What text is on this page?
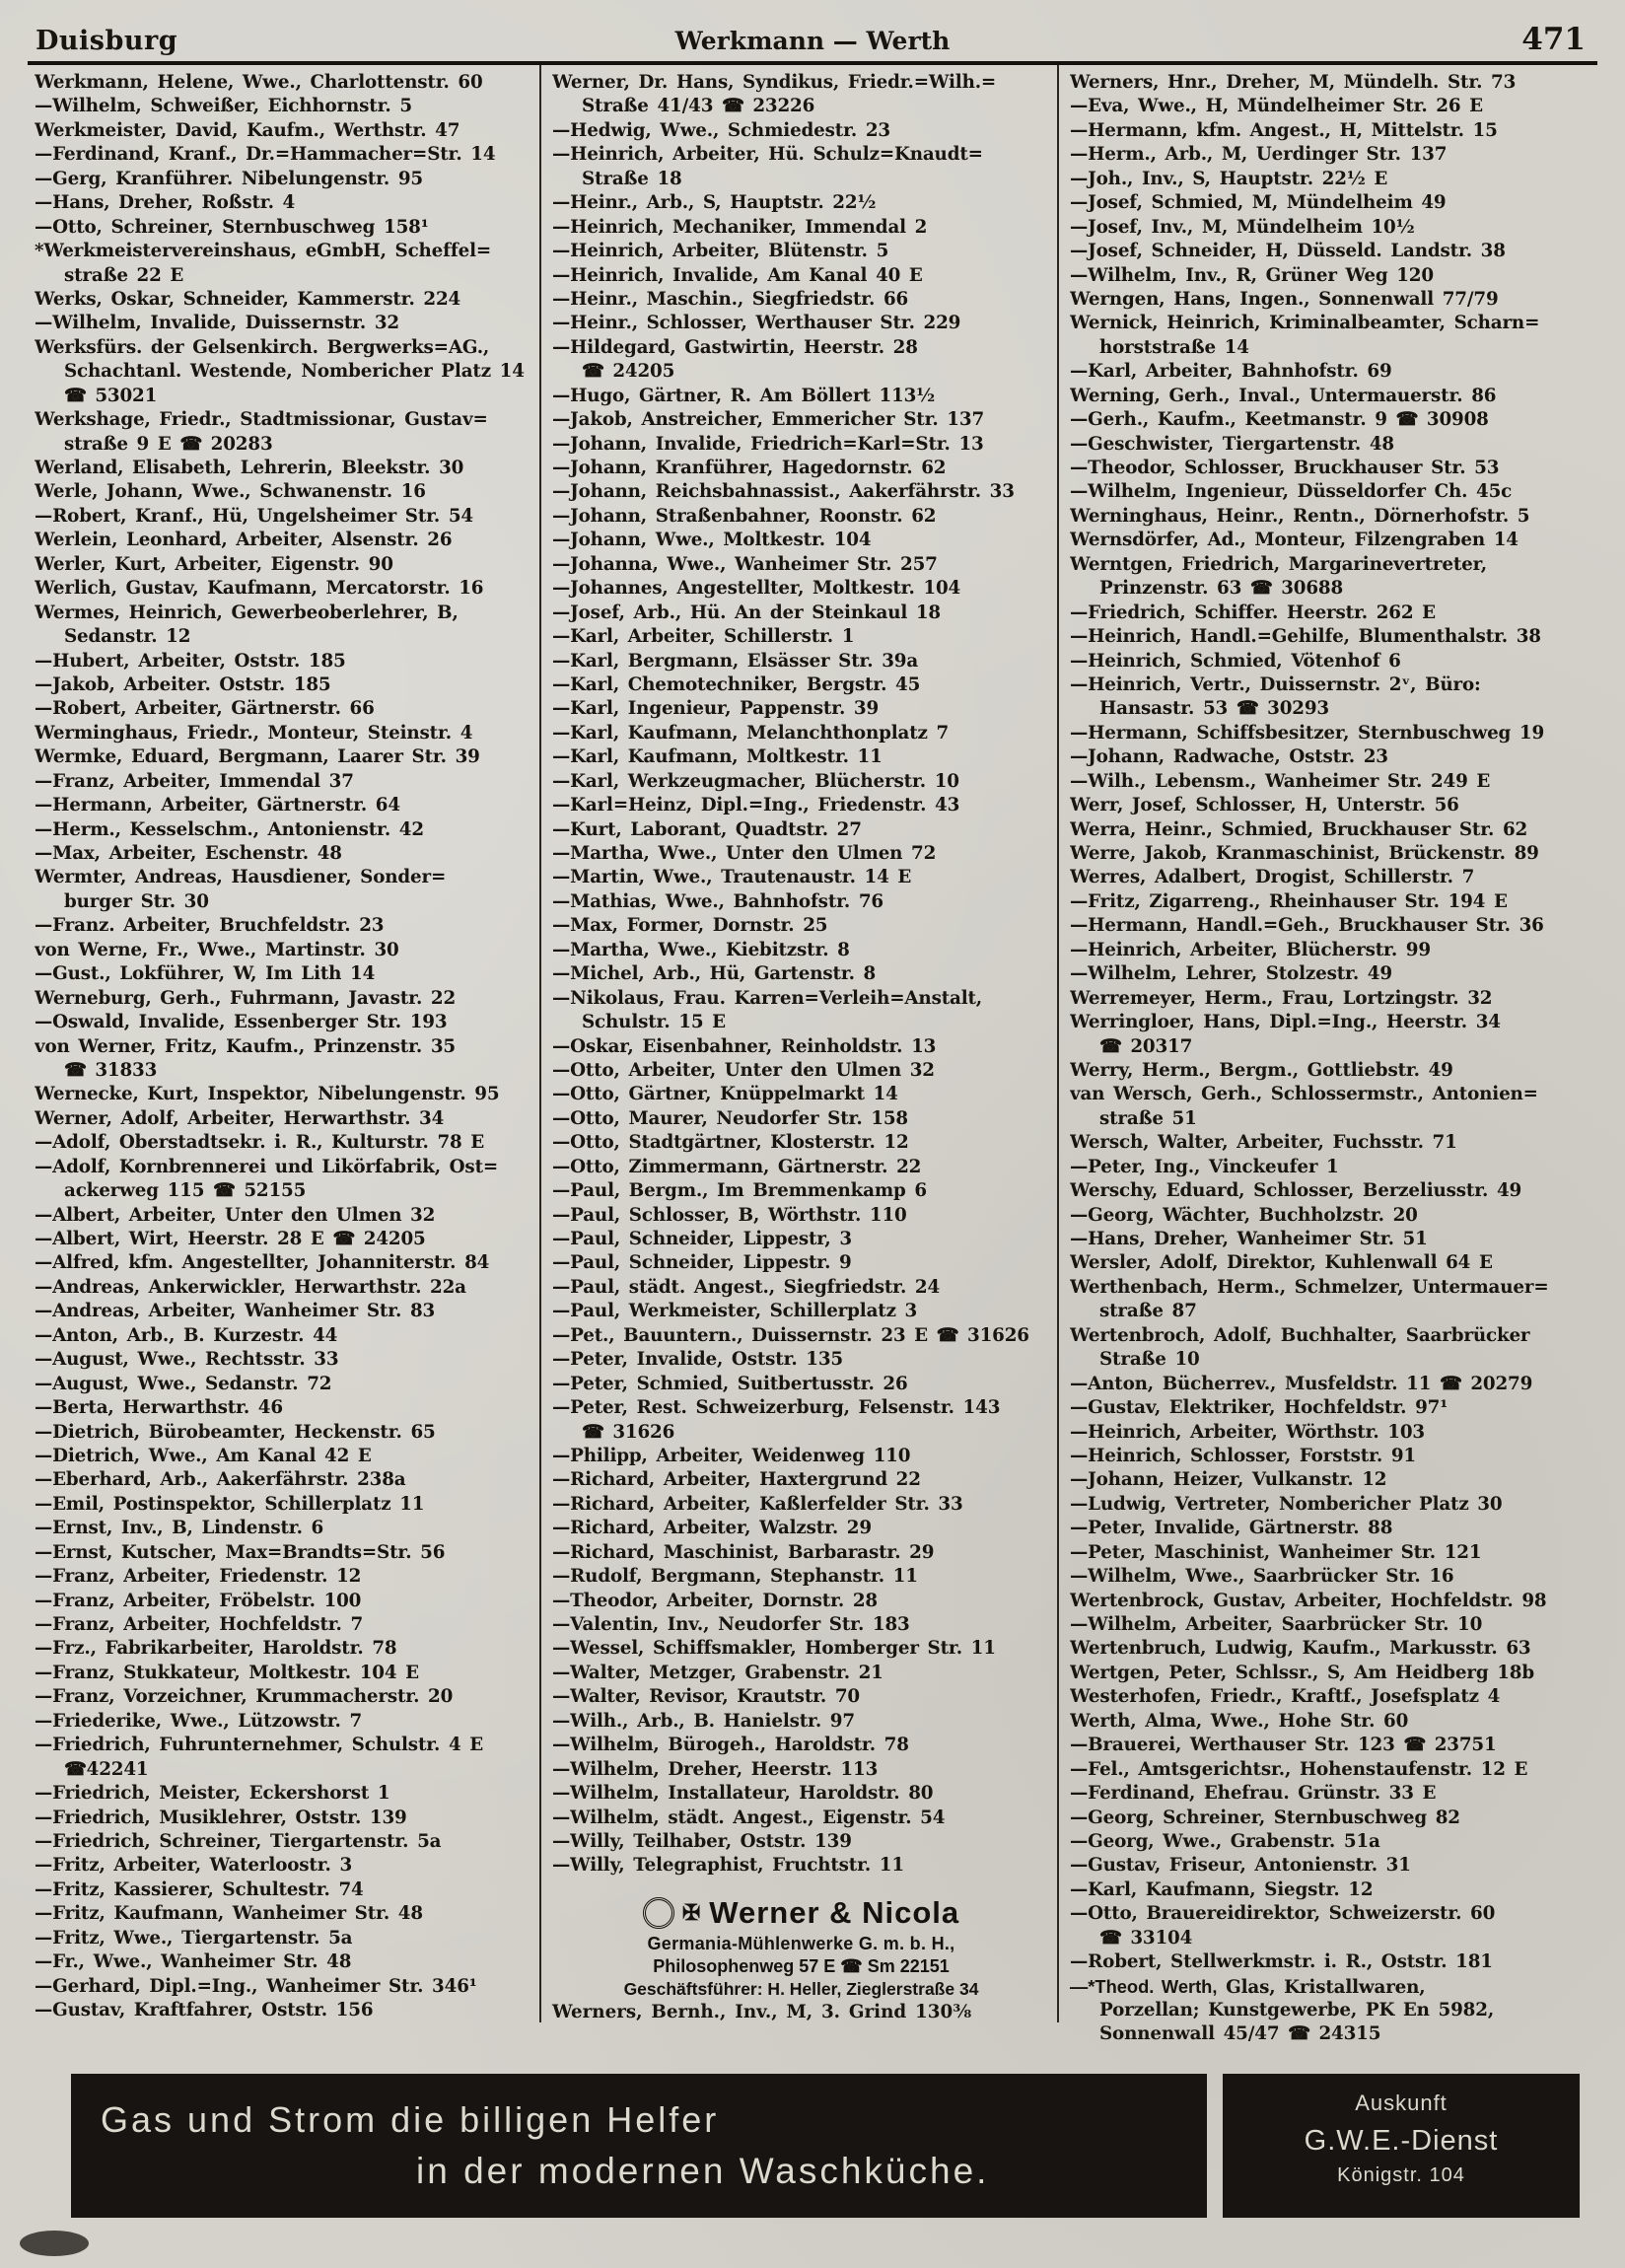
Duisburg	Werkmann — Werth	471
Werkmann, Helene, Wwe., Charlottenstr. 60
—Wilhelm, Schweißer, Eichhornstr. 5
Werkmeister, David, Kaufm., Werthstr. 47
—Ferdinand, Kranf., Dr.=Hammacher=Str. 14
—Gerg, Kranführer. Nibelungenstr. 95
—Hans, Dreher, Roßstr. 4
—Otto, Schreiner, Sternbuschweg 158¹
*Werkmeistervereinshaus, eGmbH, Scheffel=
straße 22 E
Werks, Oskar, Schneider, Kammerstr. 224
—Wilhelm, Invalide, Duissernstr. 32
Werksfürs. der Gelsenkirch. Bergwerks=AG.,
Schachtanl. Westende, Nombericher Platz 14
☎ 53021
Werkshage, Friedr., Stadtmissionar, Gustav=
straße 9 E ☎ 20283
Werland, Elisabeth, Lehrerin, Bleekstr. 30
Werle, Johann, Wwe., Schwanenstr. 16
—Robert, Kranf., Hü, Ungelsheimer Str. 54
Werlein, Leonhard, Arbeiter, Alsenstr. 26
Werler, Kurt, Arbeiter, Eigenstr. 90
Werlich, Gustav, Kaufmann, Mercatorstr. 16
Wermes, Heinrich, Gewerbeoberlehrer, B,
Sedanstr. 12
—Hubert, Arbeiter, Oststr. 185
—Jakob, Arbeiter. Oststr. 185
—Robert, Arbeiter, Gärtnerstr. 66
Werminghaus, Friedr., Monteur, Steinstr. 4
Wermke, Eduard, Bergmann, Laarer Str. 39
—Franz, Arbeiter, Immendal 37
—Hermann, Arbeiter, Gärtnerstr. 64
—Herm., Kesselschm., Antonienstr. 42
—Max, Arbeiter, Eschenstr. 48
Wermter, Andreas, Hausdiener, Sonder=
burger Str. 30
—Franz. Arbeiter, Bruchfeldstr. 23
von Werne, Fr., Wwe., Martinstr. 30
—Gust., Lokführer, W, Im Lith 14
Werneburg, Gerh., Fuhrmann, Javastr. 22
—Oswald, Invalide, Essenberger Str. 193
von Werner, Fritz, Kaufm., Prinzenstr. 35
☎ 31833
Wernecke, Kurt, Inspektor, Nibelungenstr. 95
Werner, Adolf, Arbeiter, Herwarthstr. 34
—Adolf, Oberstadtsekr. i. R., Kulturstr. 78 E
—Adolf, Kornbrennerei und Likörfabrik, Ost=
ackerweg 115 ☎ 52155
—Albert, Arbeiter, Unter den Ulmen 32
—Albert, Wirt, Heerstr. 28 E ☎ 24205
—Alfred, kfm. Angestellter, Johanniterstr. 84
—Andreas, Ankerwickler, Herwarthstr. 22a
—Andreas, Arbeiter, Wanheimer Str. 83
—Anton, Arb., B. Kurzestr. 44
—August, Wwe., Rechtsstr. 33
—August, Wwe., Sedanstr. 72
—Berta, Herwarthstr. 46
—Dietrich, Bürobeamter, Heckenstr. 65
—Dietrich, Wwe., Am Kanal 42 E
—Eberhard, Arb., Aakerfährstr. 238a
—Emil, Postinspektor, Schillerplatz 11
—Ernst, Inv., B, Lindenstr. 6
—Ernst, Kutscher, Max=Brandts=Str. 56
—Franz, Arbeiter, Friedenstr. 12
—Franz, Arbeiter, Fröbelstr. 100
—Franz, Arbeiter, Hochfeldstr. 7
—Frz., Fabrikarbeiter, Haroldstr. 78
—Franz, Stukkateur, Moltkestr. 104 E
—Franz, Vorzeichner, Krummacherstr. 20
—Friederike, Wwe., Lützowstr. 7
—Friedrich, Fuhrunternehmer, Schulstr. 4 E
☎42241
—Friedrich, Meister, Eckershorst 1
—Friedrich, Musiklehrer, Oststr. 139
—Friedrich, Schreiner, Tiergartenstr. 5a
—Fritz, Arbeiter, Waterloostr. 3
—Fritz, Kassierer, Schultestr. 74
—Fritz, Kaufmann, Wanheimer Str. 48
—Fritz, Wwe., Tiergartenstr. 5a
—Fr., Wwe., Wanheimer Str. 48
—Gerhard, Dipl.=Ing., Wanheimer Str. 346¹
—Gustav, Kraftfahrer, Oststr. 156
Werner, Dr. Hans, Syndikus, Friedr.=Wilh.=
Straße 41/43 ☎ 23226
—Hedwig, Wwe., Schmiedestr. 23
—Heinrich, Arbeiter, Hü. Schulz=Knaudt=
Straße 18
—Heinr., Arb., S, Hauptstr. 22½
—Heinrich, Mechaniker, Immendal 2
—Heinrich, Arbeiter, Blütenstr. 5
—Heinrich, Invalide, Am Kanal 40 E
—Heinr., Maschin., Siegfriedstr. 66
—Heinr., Schlosser, Werthauser Str. 229
—Hildegard, Gastwirtin, Heerstr. 28
☎ 24205
—Hugo, Gärtner, R. Am Böllert 113½
—Jakob, Anstreicher, Emmericher Str. 137
—Johann, Invalide, Friedrich=Karl=Str. 13
—Johann, Kranführer, Hagedornstr. 62
—Johann, Reichsbahnassist., Aakerfährstr. 33
—Johann, Straßenbahner, Roonstr. 62
—Johann, Wwe., Moltkestr. 104
—Johanna, Wwe., Wanheimer Str. 257
—Johannes, Angestellter, Moltkestr. 104
—Josef, Arb., Hü. An der Steinkaul 18
—Karl, Arbeiter, Schillerstr. 1
—Karl, Bergmann, Elsässer Str. 39a
—Karl, Chemotechniker, Bergstr. 45
—Karl, Ingenieur, Pappenstr. 39
—Karl, Kaufmann, Melanchthonplatz 7
—Karl, Kaufmann, Moltkestr. 11
—Karl, Werkzeugmacher, Blücherstr. 10
—Karl=Heinz, Dipl.=Ing., Friedenstr. 43
—Kurt, Laborant, Quadtstr. 27
—Martha, Wwe., Unter den Ulmen 72
—Martin, Wwe., Trautenaustr. 14 E
—Mathias, Wwe., Bahnhofstr. 76
—Max, Former, Dornstr. 25
—Martha, Wwe., Kiebitzstr. 8
—Michel, Arb., Hü, Gartenstr. 8
—Nikolaus, Frau. Karren=Verleih=Anstalt,
Schulstr. 15 E
—Oskar, Eisenbahner, Reinholdstr. 13
—Otto, Arbeiter, Unter den Ulmen 32
—Otto, Gärtner, Knüppelmarkt 14
—Otto, Maurer, Neudorfer Str. 158
—Otto, Stadtgärtner, Klosterstr. 12
—Otto, Zimmermann, Gärtnerstr. 22
—Paul, Bergm., Im Bremmenkamp 6
—Paul, Schlosser, B, Wörthstr. 110
—Paul, Schneider, Lippestr, 3
—Paul, Schneider, Lippestr. 9
—Paul, städt. Angest., Siegfriedstr. 24
—Paul, Werkmeister, Schillerplatz 3
—Pet., Bauuntern., Duissernstr. 23 E ☎ 31626
—Peter, Invalide, Oststr. 135
—Peter, Schmied, Suitbertusstr. 26
—Peter, Rest. Schweizerburg, Felsenstr. 143
☎ 31626
—Philipp, Arbeiter, Weidenweg 110
—Richard, Arbeiter, Haxtergrund 22
—Richard, Arbeiter, Kaßlerfelder Str. 33
—Richard, Arbeiter, Walzstr. 29
—Richard, Maschinist, Barbarastr. 29
—Rudolf, Bergmann, Stephanstr. 11
—Theodor, Arbeiter, Dornstr. 28
—Valentin, Inv., Neudorfer Str. 183
—Wessel, Schiffsmakler, Homberger Str. 11
—Walter, Metzger, Grabenstr. 21
—Walter, Revisor, Krautstr. 70
—Wilh., Arb., B. Hanielstr. 97
—Wilhelm, Bürogeh., Haroldstr. 78
—Wilhelm, Dreher, Heerstr. 113
—Wilhelm, Installateur, Haroldstr. 80
—Wilhelm, städt. Angest., Eigenstr. 54
—Willy, Teilhaber, Oststr. 139
—Willy, Telegraphist, Fruchtstr. 11
Werners, Hnr., Dreher, M, Mündelh. Str. 73
—Eva, Wwe., H, Mündelheimer Str. 26 E
—Hermann, kfm. Angest., H, Mittelstr. 15
—Herm., Arb., M, Uerdinger Str. 137
—Joh., Inv., S, Hauptstr. 22½ E
—Josef, Schmied, M, Mündelheim 49
—Josef, Inv., M, Mündelheim 10½
—Josef, Schneider, H, Düsseld. Landstr. 38
—Wilhelm, Inv., R, Grüner Weg 120
Werngen, Hans, Ingen., Sonnenwall 77/79
Wernick, Heinrich, Kriminalbeamter, Scharn=
horststraße 14
—Karl, Arbeiter, Bahnhofstr. 69
Werning, Gerh., Inval., Untermauerstr. 86
—Gerh., Kaufm., Keetmanstr. 9 ☎ 30908
—Geschwister, Tiergartenstr. 48
—Theodor, Schlosser, Bruckhauser Str. 53
—Wilhelm, Ingenieur, Düsseldorfer Ch. 45c
Werninghaus, Heinr., Rentn., Dörnerhofstr. 5
Wernsdörfer, Ad., Monteur, Filzengraben 14
Werntgen, Friedrich, Margarinevertreter,
Prinzenstr. 63 ☎ 30688
—Friedrich, Schiffer. Heerstr. 262 E
—Heinrich, Handl.=Gehilfe, Blumenthalstr. 38
—Heinrich, Schmied, Vötenhof 6
—Heinrich, Vertr., Duissernstr. 2ᵛ, Büro:
Hansastr. 53 ☎ 30293
—Hermann, Schiffsbesitzer, Sternbuschweg 19
—Johann, Radwache, Oststr. 23
—Wilh., Lebensm., Wanheimer Str. 249 E
Werr, Josef, Schlosser, H, Unterstr. 56
Werra, Heinr., Schmied, Bruckhauser Str. 62
Werre, Jakob, Kranmaschinist, Brückenstr. 89
Werres, Adalbert, Drogist, Schillerstr. 7
—Fritz, Zigarreng., Rheinhauser Str. 194 E
—Hermann, Handl.=Geh., Bruckhauser Str. 36
—Heinrich, Arbeiter, Blücherstr. 99
—Wilhelm, Lehrer, Stolzestr. 49
Werremeyer, Herm., Frau, Lortzingstr. 32
Werringloer, Hans, Dipl.=Ing., Heerstr. 34
☎ 20317
Werry, Herm., Bergm., Gottliebstr. 49
van Wersch, Gerh., Schlossermstr., Antonien=
straße 51
Wersch, Walter, Arbeiter, Fuchsstr. 71
—Peter, Ing., Vinckeufer 1
Werschy, Eduard, Schlosser, Berzeliusstr. 49
—Georg, Wächter, Buchholzstr. 20
—Hans, Dreher, Wanheimer Str. 51
Wersler, Adolf, Direktor, Kuhlenwall 64 E
Werthenbach, Herm., Schmelzer, Untermauer=
straße 87
Wertenbroch, Adolf, Buchhalter, Saarbrücker
Straße 10
—Anton, Bücherrev., Musfeldstr. 11 ☎ 20279
—Gustav, Elektriker, Hochfeldstr. 97¹
—Heinrich, Arbeiter, Wörthstr. 103
—Heinrich, Schlosser, Forststr. 91
—Johann, Heizer, Vulkanstr. 12
—Ludwig, Vertreter, Nombericher Platz 30
—Peter, Invalide, Gärtnerstr. 88
—Peter, Maschinist, Wanheimer Str. 121
—Wilhelm, Wwe., Saarbrücker Str. 16
Wertenbrock, Gustav, Arbeiter, Hochfeldstr. 98
—Wilhelm, Arbeiter, Saarbrücker Str. 10
Wertenbruch, Ludwig, Kaufm., Markusstr. 63
Wertgen, Peter, Schlssr., S, Am Heidberg 18b
Westerhofen, Friedr., Kraftf., Josefsplatz 4
Werth, Alma, Wwe., Hohe Str. 60
—Brauerei, Werthauser Str. 123 ☎ 23751
—Fel., Amtsgerichtsr., Hohenstaufenstr. 12 E
—Ferdinand, Ehefrau. Grünstr. 33 E
—Georg, Schreiner, Sternbuschweg 82
—Georg, Wwe., Grabenstr. 51a
—Gustav, Friseur, Antonienstr. 31
—Karl, Kaufmann, Siegstr. 12
—Otto, Brauereidirektor, Schweizerstr. 60
☎ 33104
—Robert, Stellwerkmstr. i. R., Oststr. 181
—*Theod. Werth, Glas, Kristallwaren,
Porzellan; Kunstgewerbe, PK En 5982,
Sonnenwall 45/47 ☎ 24315
✠ Werner & Nicola
Germania-Mühlenwerke G. m. b. H.,
Philosophenweg 57 E ☎ Sm 22151
Geschäftsführer: H. Heller, Zieglerstraße 34
Werners, Bernh., Inv., M, 3. Grind 130⅜
Gas und Strom die billigen Helfer
in der modernen Waschküche.
Auskunft
G.W.E.-Dienst
Königstr. 104
